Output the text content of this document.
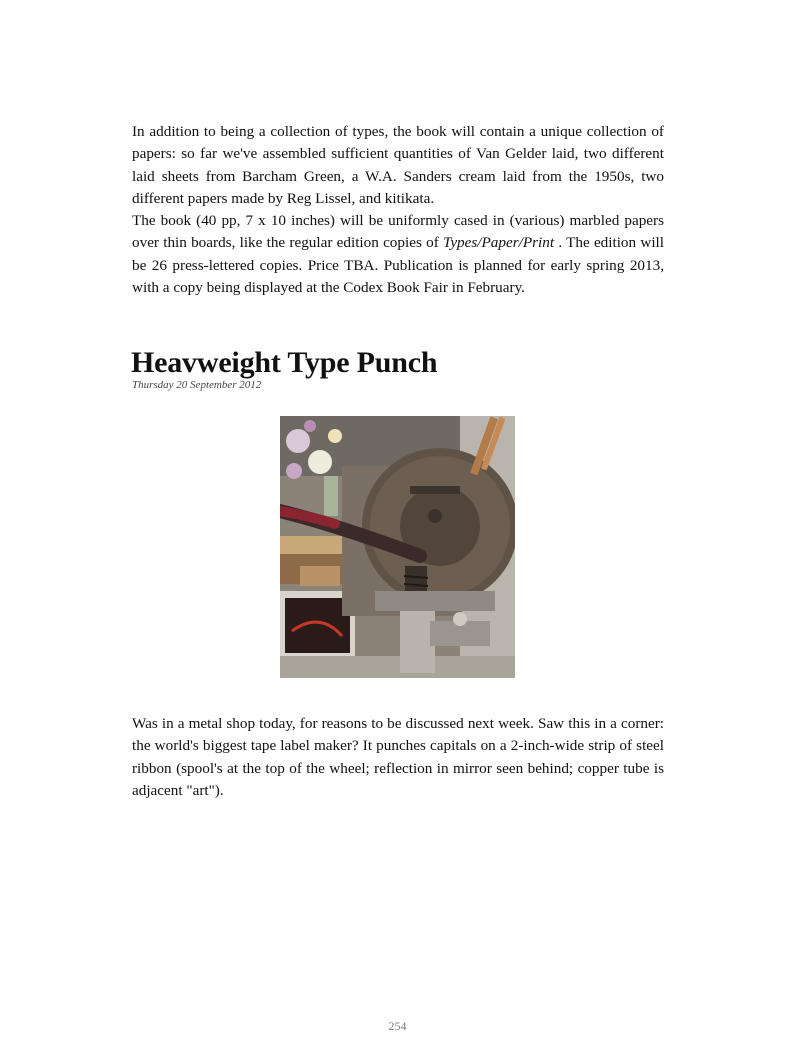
In addition to being a collection of types, the book will contain a unique collection of papers: so far we've assembled sufficient quantities of Van Gelder laid, two different laid sheets from Barcham Green, a W.A. Sanders cream laid from the 1950s, two different papers made by Reg Lissel, and kitikata.

The book (40 pp, 7 x 10 inches) will be uniformly cased in (various) marbled papers over thin boards, like the regular edition copies of Types/Paper/Print . The edition will be 26 press-lettered copies. Price TBA. Publication is planned for early spring 2013, with a copy being displayed at the Codex Book Fair in February.

Heavweight Type Punch

Thursday 20 September 2012

Was in a metal shop today, for reasons to be discussed next week. Saw this in a corner: the world's biggest tape label maker? It punches capitals on a 2-inch-wide strip of steel ribbon (spool's at the top of the wheel; reflection in mirror seen behind; copper tube is adjacent "art").

254
